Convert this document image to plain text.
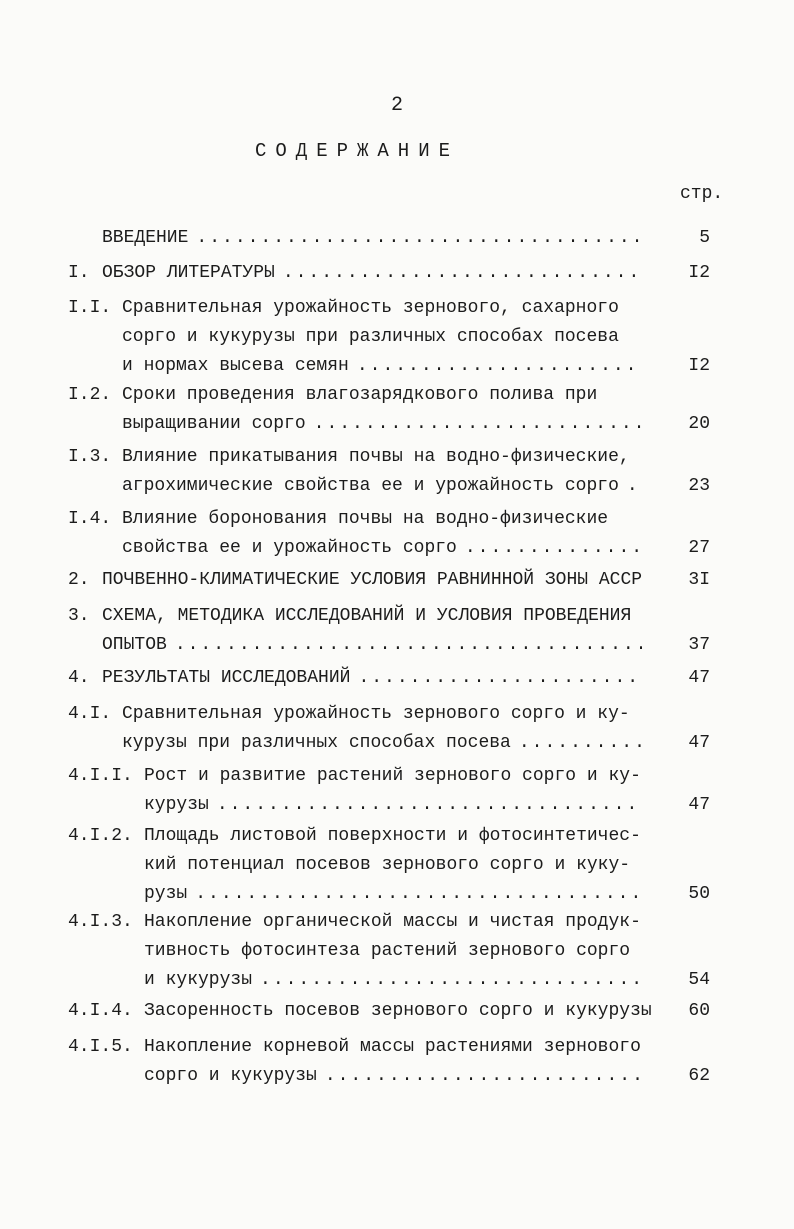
2
СОДЕРЖАНИЕ
стр.
ВВЕДЕНИЕ .....	5
I. ОБЗОР ЛИТЕРАТУРЫ .....	I2
I.I. Сравнительная урожайность зернового, сахарного
сорго и кукурузы при различных способах посева
и нормах высева семян .....	I2
I.2. Сроки проведения влагозарядкового полива при
выращивании сорго .....	20
I.3. Влияние прикатывания почвы на водно-физические,
агрохимические свойства ее и урожайность сорго .....	23
I.4. Влияние боронования почвы на водно-физические
свойства ее и урожайность сорго .....	27
2. ПОЧВЕННО-КЛИМАТИЧЕСКИЕ УСЛОВИЯ РАВНИННОЙ ЗОНЫ АССР	3I
3. СХЕМА, МЕТОДИКА ИССЛЕДОВАНИЙ И УСЛОВИЯ ПРОВЕДЕНИЯ
ОПЫТОВ .....	37
4. РЕЗУЛЬТАТЫ ИССЛЕДОВАНИЙ .....	47
4.I. Сравнительная урожайность зернового сорго и ку-
курузы при различных способах посева .....	47
4.I.I. Рост и развитие растений зернового сорго и ку-
курузы .....	47
4.I.2. Площадь листовой поверхности и фотосинтетичес-
кий потенциал посевов зернового сорго и куку-
рузы .....	50
4.I.3. Накопление органической массы и чистая продук-
тивность фотосинтеза растений зернового сорго
и кукурузы .....	54
4.I.4. Засоренность посевов зернового сорго и кукурузы	60
4.I.5. Накопление корневой массы растениями зернового
сорго и кукурузы .....	62
